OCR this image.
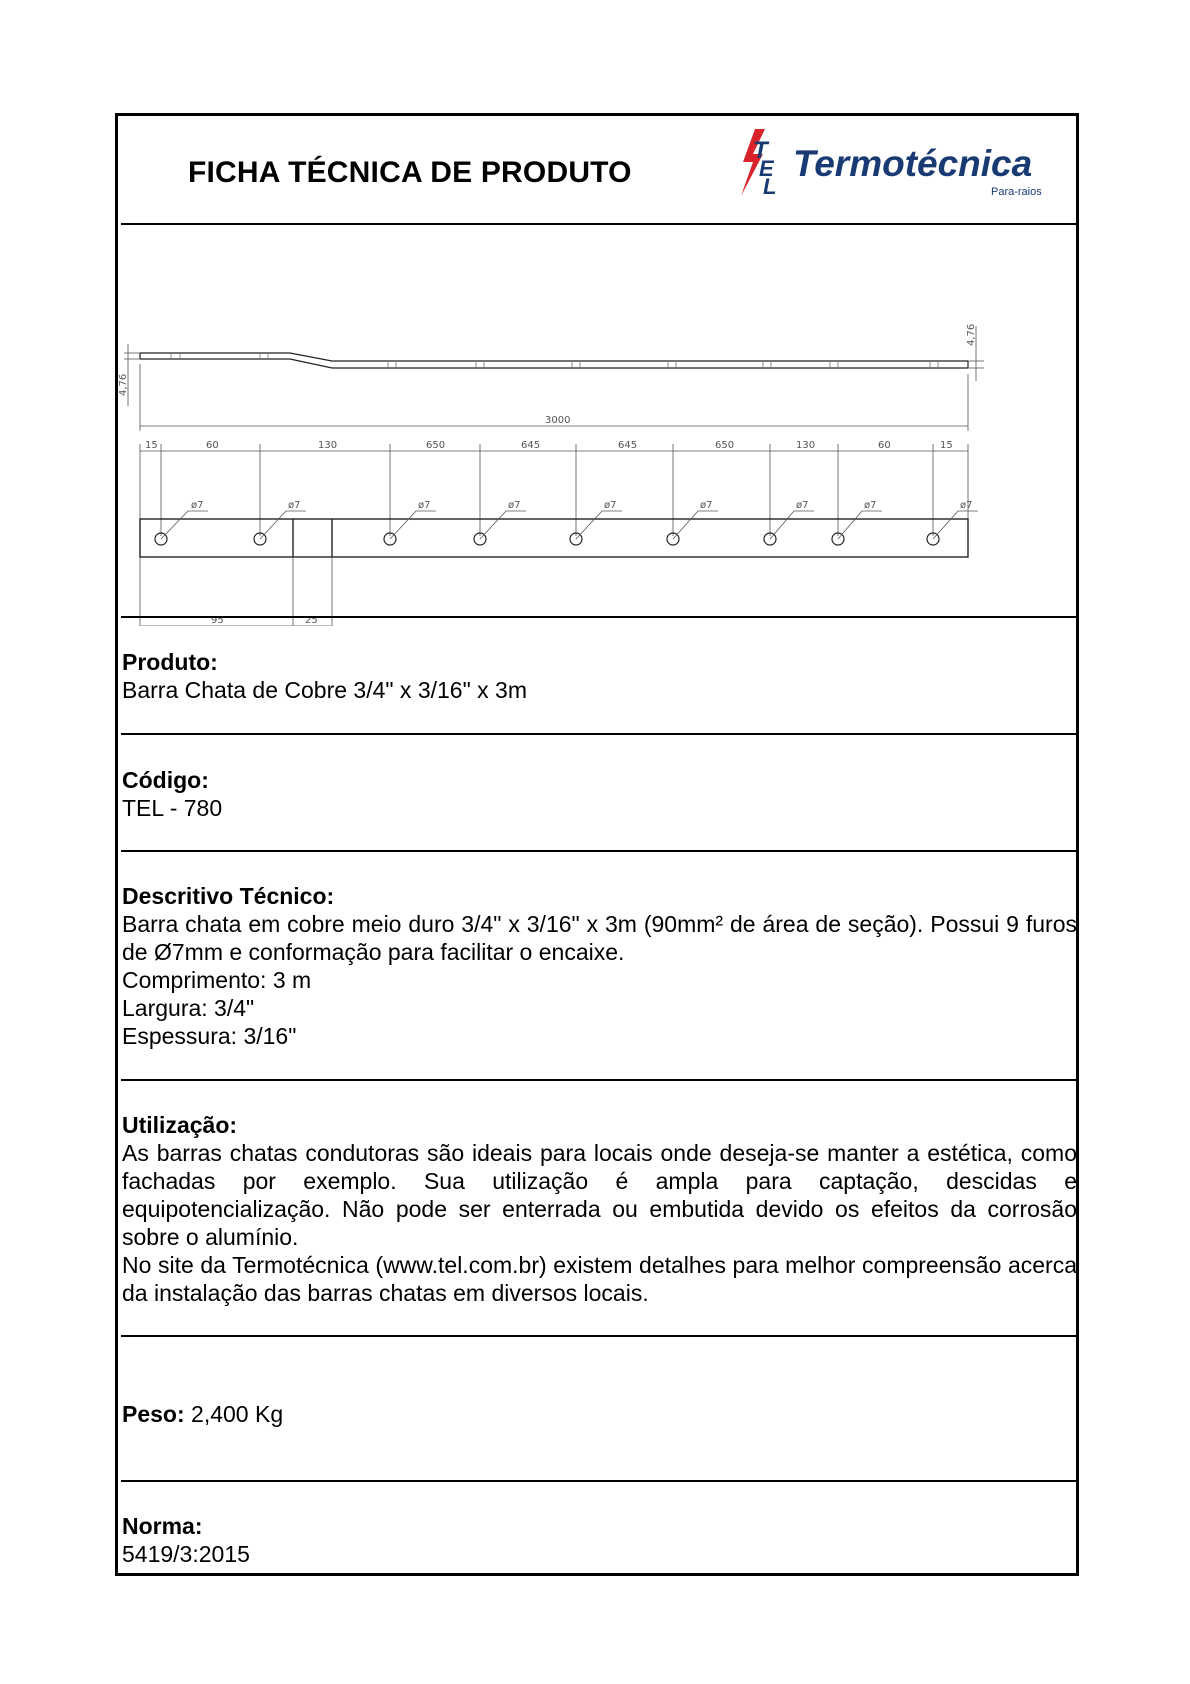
FICHA TÉCNICA DE PRODUTO
T
E
L
Termotécnica
Para-raios
4,76
4,76
3000
15	60	130	650	645	645	650	130	60	15
ø7	ø7	ø7	ø7	ø7	ø7	ø7	ø7	ø7
95	25
Produto:
Barra Chata de Cobre 3/4" x 3/16" x 3m
Código:
TEL - 780
Descritivo Técnico:

Barra chata em cobre meio duro 3/4" x 3/16" x 3m (90mm² de área de seção). Possui 9 furos de Ø7mm e conformação para facilitar o encaixe.

Comprimento: 3 m

Largura: 3/4"

Espessura: 3/16"

Utilização:

As barras chatas condutoras são ideais para locais onde deseja-se manter a estética, como fachadas por exemplo. Sua utilização é ampla para captação, descidas e equipotencialização. Não pode ser enterrada ou embutida devido os efeitos da corrosão sobre o alumínio.

No site da Termotécnica (www.tel.com.br) existem detalhes para melhor compreensão acerca da instalação das barras chatas em diversos locais.

Peso: 2,400 Kg
Norma:
5419/3:2015
